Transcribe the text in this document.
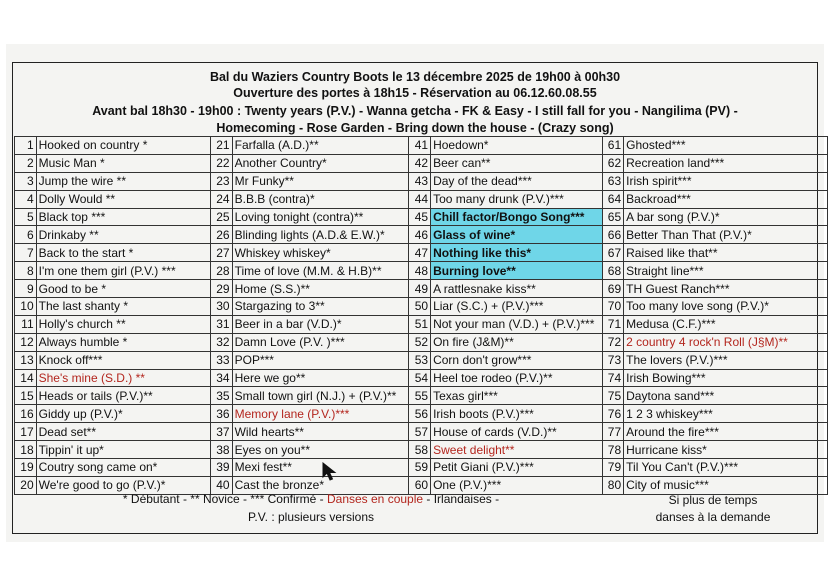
Bal du Waziers Country Boots le 13 décembre 2025 de 19h00 à 00h30
Ouverture des portes à 18h15 - Réservation au 06.12.60.08.55
Avant bal 18h30 - 19h00 : Twenty years (P.V.) - Wanna getcha - FK & Easy - I still fall for you - Nangilima (PV) -
Homecoming - Rose Garden - Bring down the house - (Crazy song)
1	Hooked on country *	21	Farfalla (A.D.)**	41	Hoedown*	61	Ghosted***
2	Music Man *	22	Another Country*	42	Beer can**	62	Recreation land***
3	Jump the wire **	23	Mr Funky**	43	Day of the dead***	63	Irish spirit***
4	Dolly Would **	24	B.B.B (contra)*	44	Too many drunk (P.V.)***	64	Backroad***
5	Black top ***	25	Loving tonight (contra)**	45	Chill factor/Bongo Song***	65	A bar song (P.V.)*
6	Drinkaby **	26	Blinding lights (A.D.& E.W.)*	46	Glass of wine*	66	Better Than That (P.V.)*
7	Back to the start *	27	Whiskey whiskey*	47	Nothing like this*	67	Raised like that**
8	I'm one them girl (P.V.) ***	28	Time of love (M.M. & H.B)**	48	Burning love**	68	Straight line***
9	Good to be *	29	Home (S.S.)**	49	A rattlesnake kiss**	69	TH Guest Ranch***
10	The last shanty *	30	Stargazing to 3**	50	Liar (S.C.) + (P.V.)***	70	Too many love song (P.V.)*
11	Holly's church **	31	Beer in a bar (V.D.)*	51	Not your man (V.D.) + (P.V.)***	71	Medusa (C.F.)***
12	Always humble *	32	Damn Love (P.V. )***	52	On fire (J&M)**	72	2 country 4 rock'n Roll (J§M)**
13	Knock off***	33	POP***	53	Corn don't grow***	73	The lovers (P.V.)***
14	She's mine (S.D.) **	34	Here we go**	54	Heel toe rodeo (P.V.)**	74	Irish Bowing***
15	Heads or tails (P.V.)**	35	Small town girl (N.J.) + (P.V.)**	55	Texas girl***	75	Daytona sand***
16	Giddy up (P.V.)*	36	Memory lane (P.V.)***	56	Irish boots (P.V.)***	76	1 2 3 whiskey***
17	Dead set**	37	Wild hearts**	57	House of cards (V.D.)**	77	Around the fire***
18	Tippin' it up*	38	Eyes on you**	58	Sweet delight**	78	Hurricane kiss*
19	Coutry song came on*	39	Mexi fest**	59	Petit Giani (P.V.)***	79	Til You Can't (P.V.)***
20	We're good to go (P.V.)*	40	Cast the bronze*	60	One (P.V.)***	80	City of music***
* Débutant - ** Novice - *** Confirmé - Danses en couple - Irlandaises -
P.V. : plusieurs versions
Si plus de temps
danses à la demande
